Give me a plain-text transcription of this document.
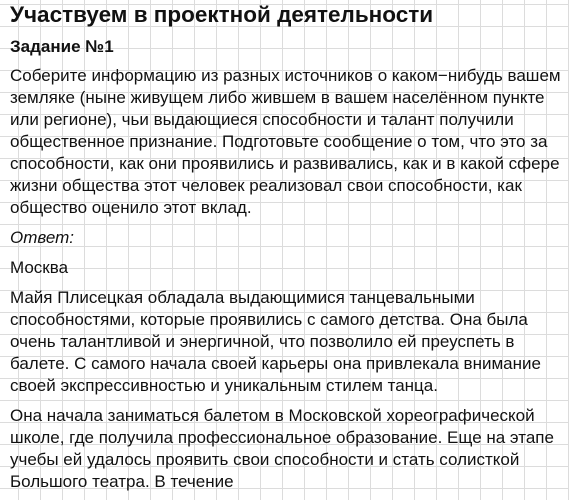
Участвуем в проектной деятельности
Задание №1

Соберите информацию из разных источников о каком−нибудь вашем земляке (ныне живущем либо жившем в вашем населённом пункте или регионе), чьи выдающиеся способности и талант получили общественное признание. Подготовьте сообщение о том, что это за способности, как они проявились и развивались, как и в какой сфере жизни общества этот человек реализовал свои способности, как общество оценило этот вклад.

Ответ:

Москва

Майя Плисецкая обладала выдающимися танцевальными способностями, которые проявились с самого детства. Она была очень талантливой и энергичной, что позволило ей преуспеть в балете. С самого начала своей карьеры она привлекала внимание своей экспрессивностью и уникальным стилем танца.

Она начала заниматься балетом в Московской хореографической школе, где получила профессиональное образование. Еще на этапе учебы ей удалось проявить свои способности и стать солисткой Большого театра. В течение
